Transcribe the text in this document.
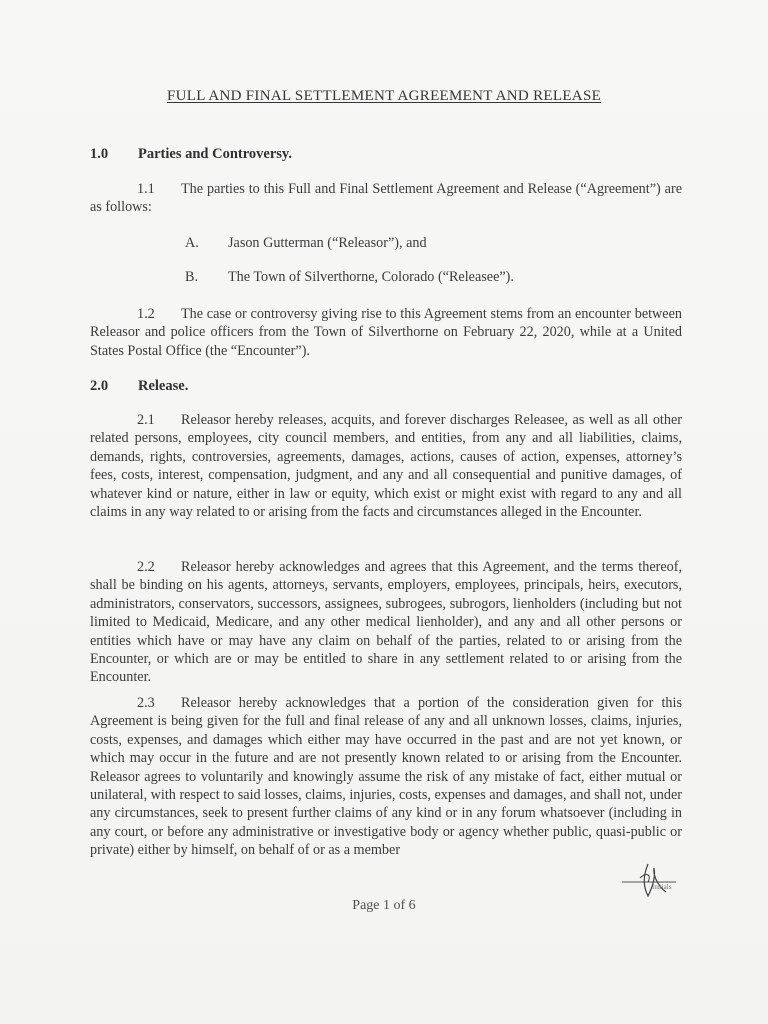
FULL AND FINAL SETTLEMENT AGREEMENT AND RELEASE
1.0 Parties and Controversy.
1.1 The parties to this Full and Final Settlement Agreement and Release (“Agreement”) are as follows:
A. Jason Gutterman (“Releasor”), and
B. The Town of Silverthorne, Colorado (“Releasee”).
1.2 The case or controversy giving rise to this Agreement stems from an encounter between Releasor and police officers from the Town of Silverthorne on February 22, 2020, while at a United States Postal Office (the “Encounter”).
2.0 Release.
2.1 Releasor hereby releases, acquits, and forever discharges Releasee, as well as all other related persons, employees, city council members, and entities, from any and all liabilities, claims, demands, rights, controversies, agreements, damages, actions, causes of action, expenses, attorney’s fees, costs, interest, compensation, judgment, and any and all consequential and punitive damages, of whatever kind or nature, either in law or equity, which exist or might exist with regard to any and all claims in any way related to or arising from the facts and circumstances alleged in the Encounter.
2.2 Releasor hereby acknowledges and agrees that this Agreement, and the terms thereof, shall be binding on his agents, attorneys, servants, employers, employees, principals, heirs, executors, administrators, conservators, successors, assignees, subrogees, subrogors, lienholders (including but not limited to Medicaid, Medicare, and any other medical lienholder), and any and all other persons or entities which have or may have any claim on behalf of the parties, related to or arising from the Encounter, or which are or may be entitled to share in any settlement related to or arising from the Encounter.
2.3 Releasor hereby acknowledges that a portion of the consideration given for this Agreement is being given for the full and final release of any and all unknown losses, claims, injuries, costs, expenses, and damages which either may have occurred in the past and are not yet known, or which may occur in the future and are not presently known related to or arising from the Encounter. Releasor agrees to voluntarily and knowingly assume the risk of any mistake of fact, either mutual or unilateral, with respect to said losses, claims, injuries, costs, expenses and damages, and shall not, under any circumstances, seek to present further claims of any kind or in any forum whatsoever (including in any court, or before any administrative or investigative body or agency whether public, quasi-public or private) either by himself, on behalf of or as a member
Initials
Page 1 of 6
